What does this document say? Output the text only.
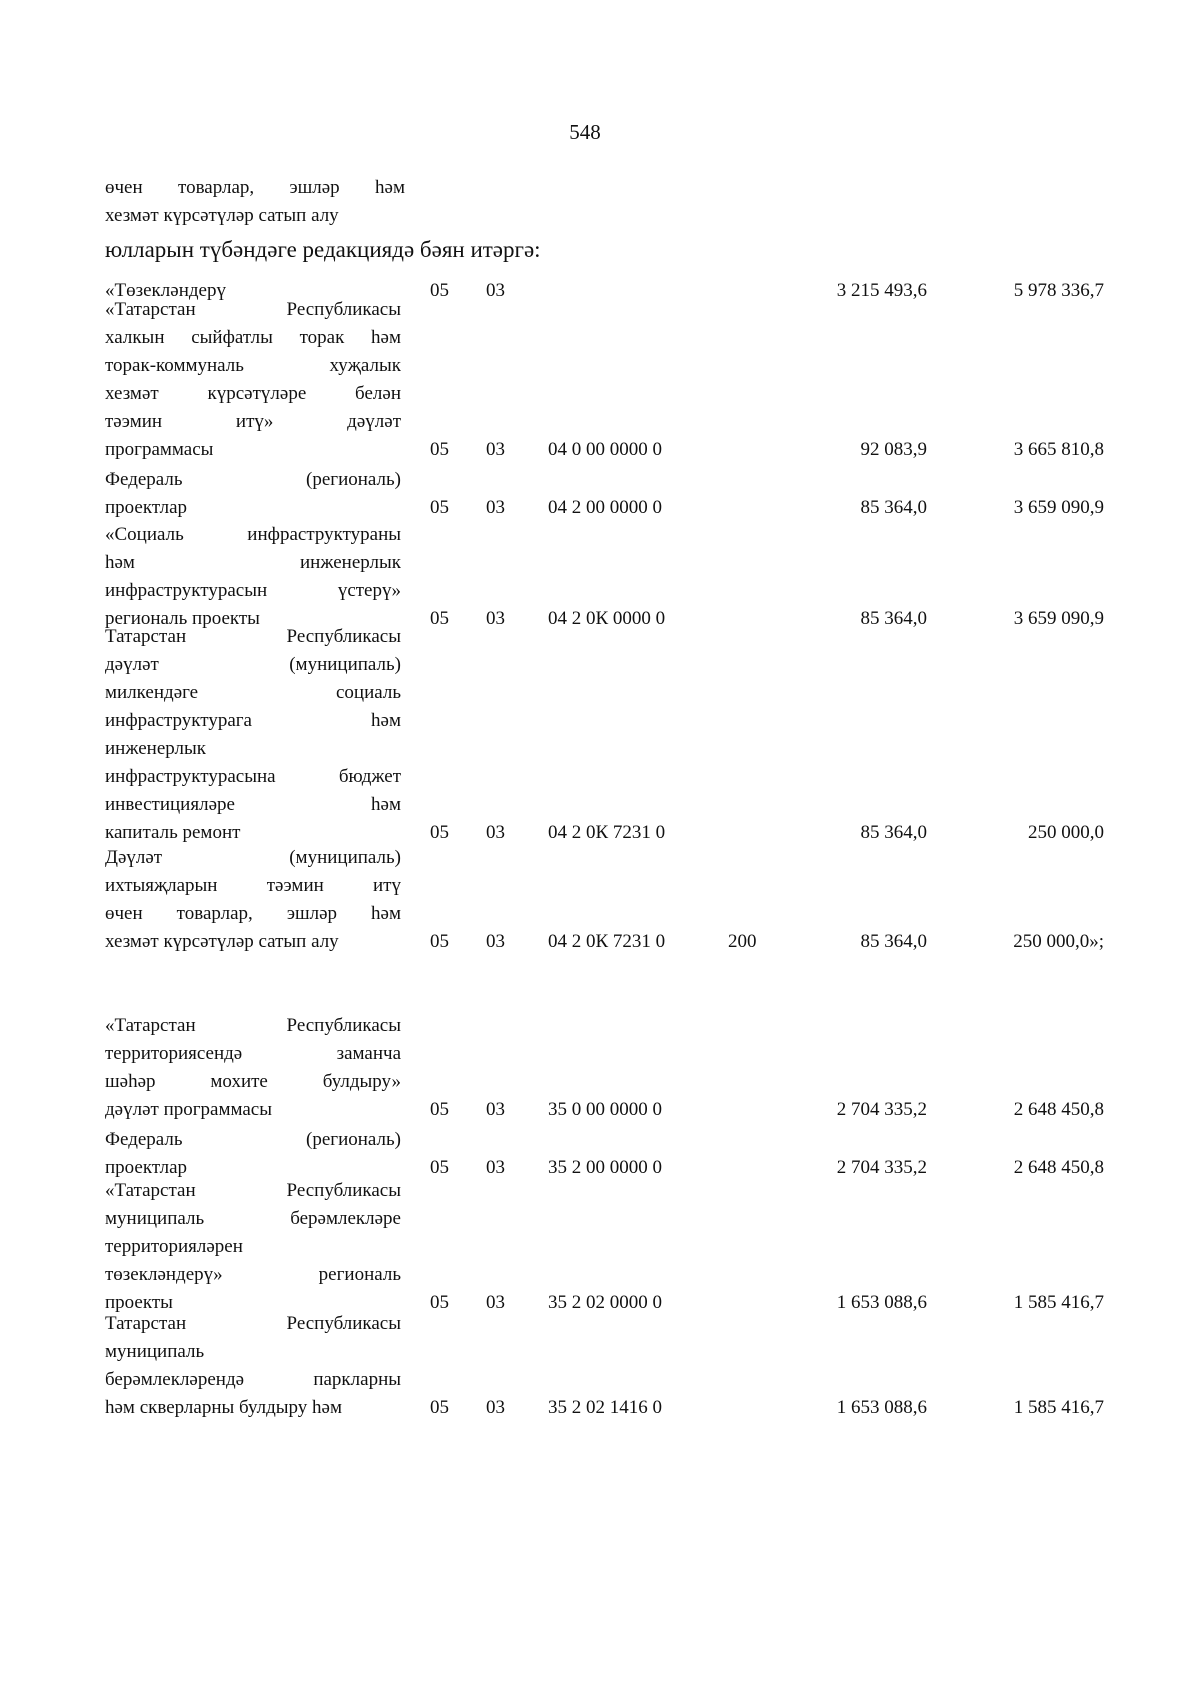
548
өчен товарлар, эшләр һәм
хезмәт күрсәтүләр сатып алу
юлларын түбәндәге редакциядә бәян итәргә:
«Төзекләндерү	05 03	3 215 493,6	5 978 336,7
«Татарстан Республикасы
халкын сыйфатлы торак һәм
торак-коммуналь хуҗалык
хезмәт күрсәтүләре белән
тәэмин итү» дәүләт
программасы	05 03 04 0 00 0000 0	92 083,9	3 665 810,8
Федераль (региональ)
проектлар	05 03 04 2 00 0000 0	85 364,0	3 659 090,9
«Социаль инфраструктураны
һәм инженерлык
инфраструктурасын үстерү»
региональ проекты	05 03 04 2 0К 0000 0	85 364,0	3 659 090,9
Татарстан Республикасы
дәүләт (муниципаль)
милкендәге социаль
инфраструктурага һәм
инженерлык
инфраструктурасына бюджет
инвестицияләре һәм
капиталь ремонт	05 03 04 2 0К 7231 0	85 364,0	250 000,0
Дәүләт (муниципаль)
ихтыяҗларын тәэмин итү
өчен товарлар, эшләр һәм
хезмәт күрсәтүләр сатып алу	05 03 04 2 0К 7231 0	200	85 364,0	250 000,0»;
«Татарстан Республикасы
территориясендә заманча
шәһәр мохите булдыру»
дәүләт программасы	05 03 35 0 00 0000 0	2 704 335,2	2 648 450,8
Федераль (региональ)
проектлар	05 03 35 2 00 0000 0	2 704 335,2	2 648 450,8
«Татарстан Республикасы
муниципаль берәмлекләре
территорияләрен
төзекләндерү» региональ
проекты	05 03 35 2 02 0000 0	1 653 088,6	1 585 416,7
Татарстан Республикасы
муниципаль
берәмлекләрендә паркларны
һәм скверларны булдыру һәм	05 03 35 2 02 1416 0	1 653 088,6	1 585 416,7
